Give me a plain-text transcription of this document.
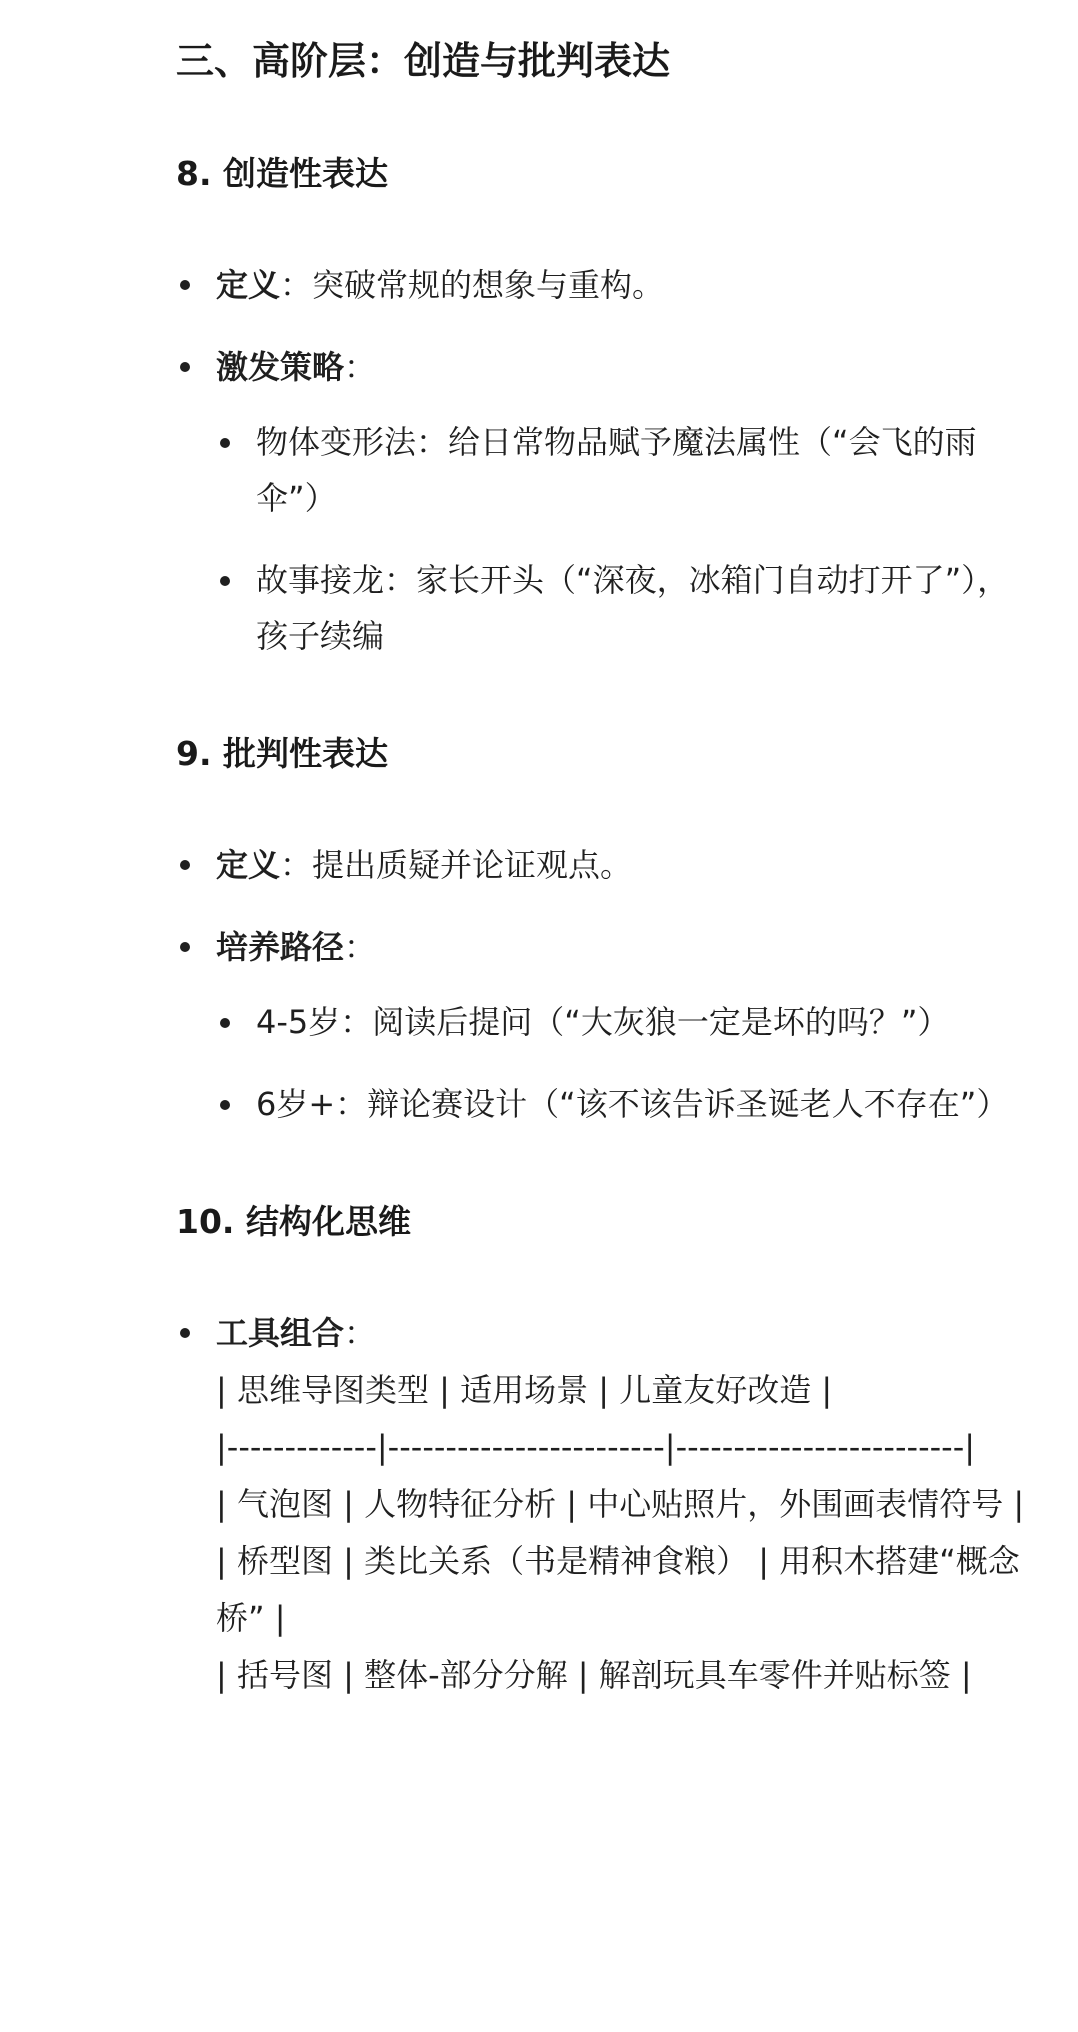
三、高阶层：创造与批判表达
8. 创造性表达
定义：突破常规的想象与重构。
激发策略：
物体变形法：给日常物品赋予魔法属性（“会飞的雨伞”）
故事接龙：家长开头（“深夜，冰箱门自动打开了”），孩子续编
9. 批判性表达
定义：提出质疑并论证观点。
培养路径：
4-5岁：阅读后提问（“大灰狼一定是坏的吗？”）
6岁+：辩论赛设计（“该不该告诉圣诞老人不存在”）
10. 结构化思维
工具组合：
| 思维导图类型 | 适用场景 | 儿童友好改造 |
|-------------|------------------------|-------------------------|
| 气泡图 | 人物特征分析 | 中心贴照片，外围画表情符号 |
| 桥型图 | 类比关系（书是精神食粮） | 用积木搭建“概念桥” |
| 括号图 | 整体-部分分解 | 解剖玩具车零件并贴标签 |
